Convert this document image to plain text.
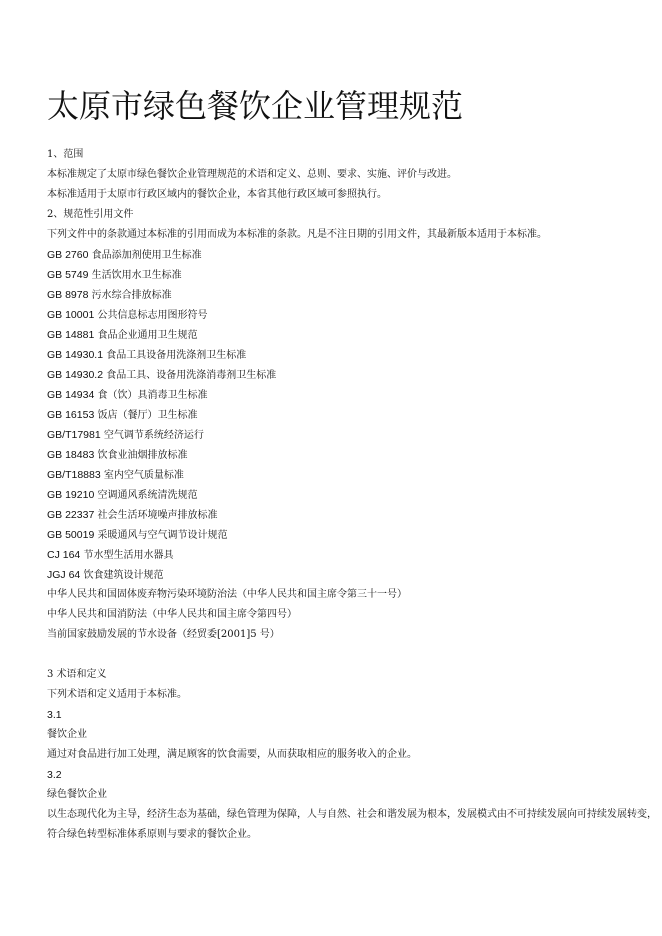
太原市绿色餐饮企业管理规范
1、范围
本标准规定了太原市绿色餐饮企业管理规范的术语和定义、总则、要求、实施、评价与改进。
本标准适用于太原市行政区域内的餐饮企业，本省其他行政区域可参照执行。
2、规范性引用文件
下列文件中的条款通过本标准的引用而成为本标准的条款。凡是不注日期的引用文件，其最新版本适用于本标准。
GB 2760 食品添加剂使用卫生标准
GB 5749 生活饮用水卫生标准
GB 8978 污水综合排放标准
GB 10001 公共信息标志用图形符号
GB 14881 食品企业通用卫生规范
GB 14930.1 食品工具设备用洗涤剂卫生标准
GB 14930.2 食品工具、设备用洗涤消毒剂卫生标准
GB 14934 食（饮）具消毒卫生标准
GB 16153 饭店（餐厅）卫生标准
GB/T17981 空气调节系统经济运行
GB 18483 饮食业油烟排放标准
GB/T18883 室内空气质量标准
GB 19210 空调通风系统清洗规范
GB 22337 社会生活环境噪声排放标准
GB 50019 采暖通风与空气调节设计规范
CJ 164 节水型生活用水器具
JGJ 64 饮食建筑设计规范
中华人民共和国固体废弃物污染环境防治法（中华人民共和国主席令第三十一号）
中华人民共和国消防法（中华人民共和国主席令第四号）
当前国家鼓励发展的节水设备（经贸委[2001]5 号）
3 术语和定义
下列术语和定义适用于本标准。
3.1
餐饮企业
通过对食品进行加工处理，满足顾客的饮食需要，从而获取相应的服务收入的企业。
3.2
绿色餐饮企业
以生态现代化为主导，经济生态为基础，绿色管理为保障，人与自然、社会和谐发展为根本，发展模式由不可持续发展向可持续发展转变，
符合绿色转型标准体系原则与要求的餐饮企业。
